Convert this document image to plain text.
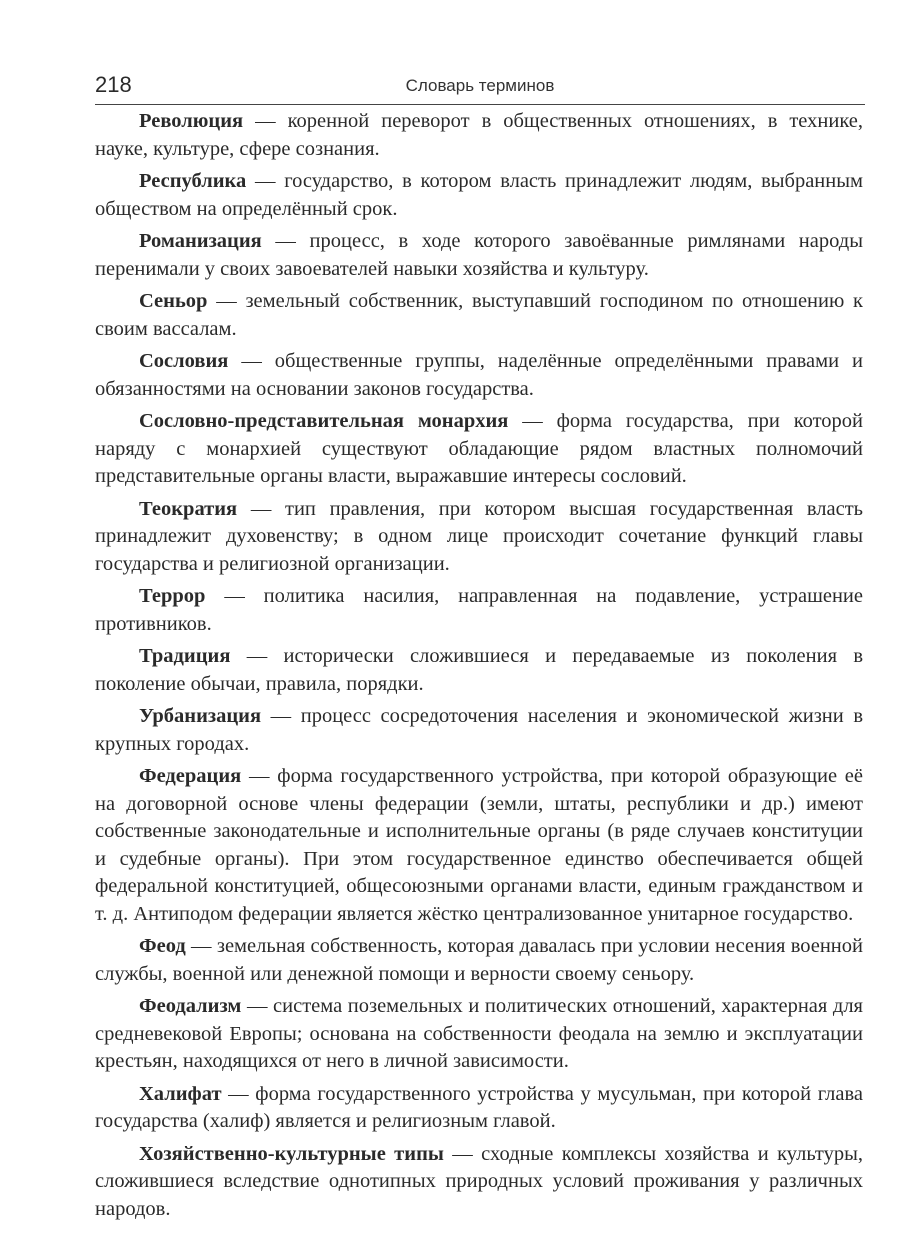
218	Словарь терминов

Революция — коренной переворот в общественных отношениях, в технике, науке, культуре, сфере сознания.

Республика — государство, в котором власть принадлежит людям, выбранным обществом на определённый срок.

Романизация — процесс, в ходе которого завоёванные римлянами народы перенимали у своих завоевателей навыки хозяйства и культуру.

Сеньор — земельный собственник, выступавший господином по отношению к своим вассалам.

Сословия — общественные группы, наделённые определёнными правами и обязанностями на основании законов государства.

Сословно-представительная монархия — форма государства, при которой наряду с монархией существуют обладающие рядом властных полномочий представительные органы власти, выражавшие интересы сословий.

Теократия — тип правления, при котором высшая государственная власть принадлежит духовенству; в одном лице происходит сочетание функций главы государства и религиозной организации.

Террор — политика насилия, направленная на подавление, устрашение противников.

Традиция — исторически сложившиеся и передаваемые из поколения в поколение обычаи, правила, порядки.

Урбанизация — процесс сосредоточения населения и экономической жизни в крупных городах.

Федерация — форма государственного устройства, при которой образующие её на договорной основе члены федерации (земли, штаты, республики и др.) имеют собственные законодательные и исполнительные органы (в ряде случаев конституции и судебные органы). При этом государственное единство обеспечивается общей федеральной конституцией, общесоюзными органами власти, единым гражданством и т. д. Антиподом федерации является жёстко централизованное унитарное государство.

Феод — земельная собственность, которая давалась при условии несения военной службы, военной или денежной помощи и верности своему сеньору.

Феодализм — система поземельных и политических отношений, характерная для средневековой Европы; основана на собственности феодала на землю и эксплуатации крестьян, находящихся от него в личной зависимости.

Халифат — форма государственного устройства у мусульман, при которой глава государства (халиф) является и религиозным главой.

Хозяйственно-культурные типы — сходные комплексы хозяйства и культуры, сложившиеся вследствие однотипных природных условий проживания у различных народов.
